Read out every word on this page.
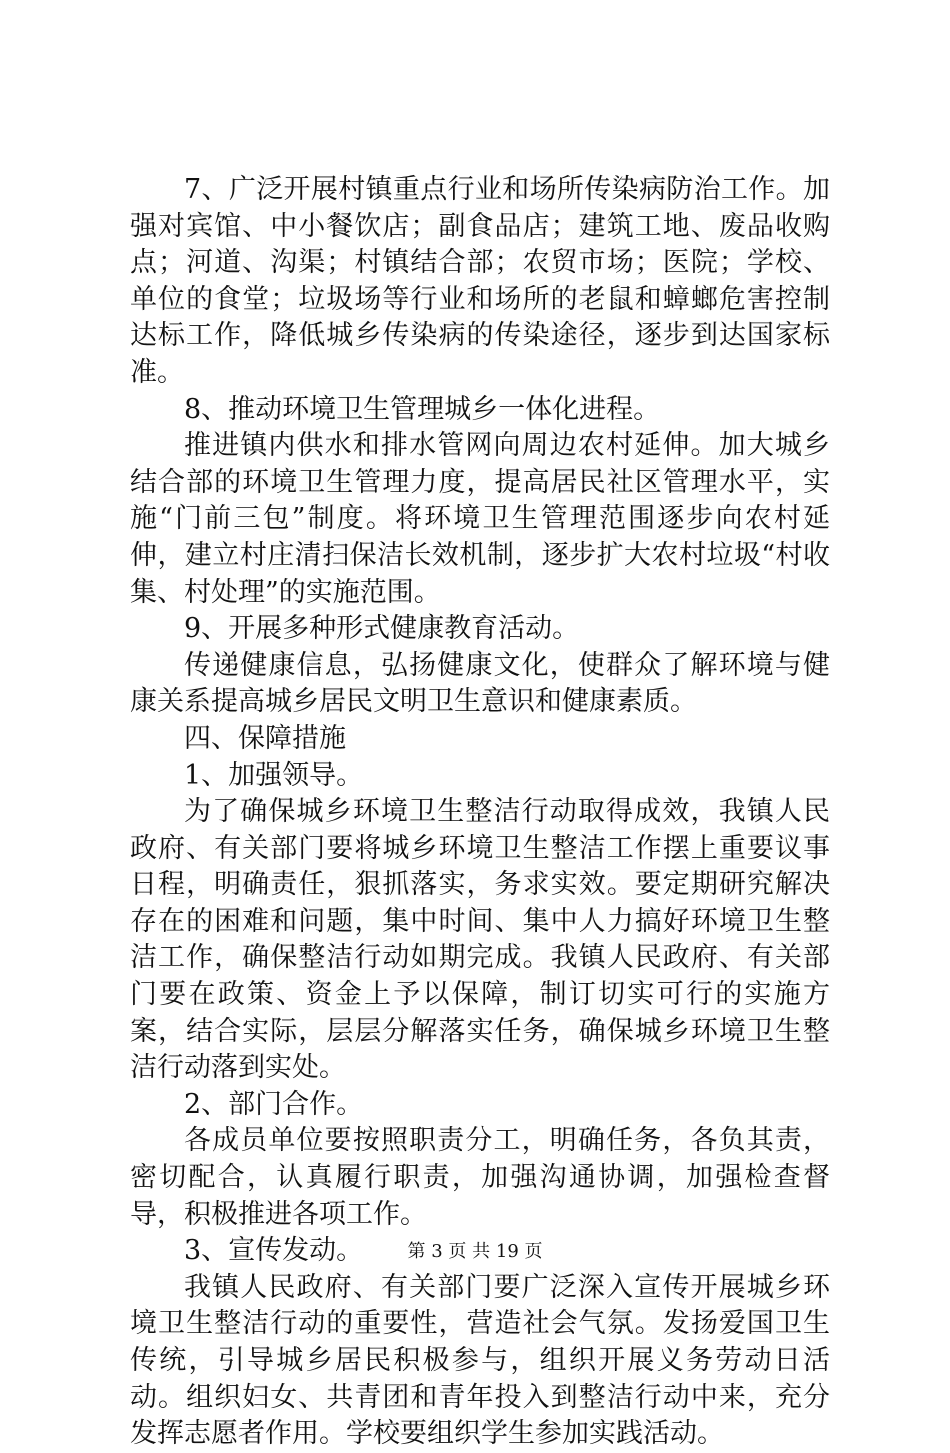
7、广泛开展村镇重点行业和场所传染病防治工作。加强对宾馆、中小餐饮店；副食品店；建筑工地、废品收购点；河道、沟渠；村镇结合部；农贸市场；医院；学校、单位的食堂；垃圾场等行业和场所的老鼠和蟑螂危害控制达标工作，降低城乡传染病的传染途径，逐步到达国家标准。

8、推动环境卫生管理城乡一体化进程。

推进镇内供水和排水管网向周边农村延伸。加大城乡结合部的环境卫生管理力度，提高居民社区管理水平，实施“门前三包”制度。将环境卫生管理范围逐步向农村延伸，建立村庄清扫保洁长效机制，逐步扩大农村垃圾“村收集、村处理”的实施范围。

9、开展多种形式健康教育活动。

传递健康信息，弘扬健康文化，使群众了解环境与健康关系提高城乡居民文明卫生意识和健康素质。

四、保障措施

1、加强领导。

为了确保城乡环境卫生整洁行动取得成效，我镇人民政府、有关部门要将城乡环境卫生整洁工作摆上重要议事日程，明确责任，狠抓落实，务求实效。要定期研究解决存在的困难和问题，集中时间、集中人力搞好环境卫生整洁工作，确保整洁行动如期完成。我镇人民政府、有关部门要在政策、资金上予以保障，制订切实可行的实施方案，结合实际，层层分解落实任务，确保城乡环境卫生整洁行动落到实处。

2、部门合作。

各成员单位要按照职责分工，明确任务，各负其责，密切配合，认真履行职责，加强沟通协调，加强检查督导，积极推进各项工作。

3、宣传发动。

我镇人民政府、有关部门要广泛深入宣传开展城乡环境卫生整洁行动的重要性，营造社会气氛。发扬爱国卫生传统，引导城乡居民积极参与，组织开展义务劳动日活动。组织妇女、共青团和青年投入到整洁行动中来，充分发挥志愿者作用。学校要组织学生参加实践活动。

第 3 页 共 19 页
